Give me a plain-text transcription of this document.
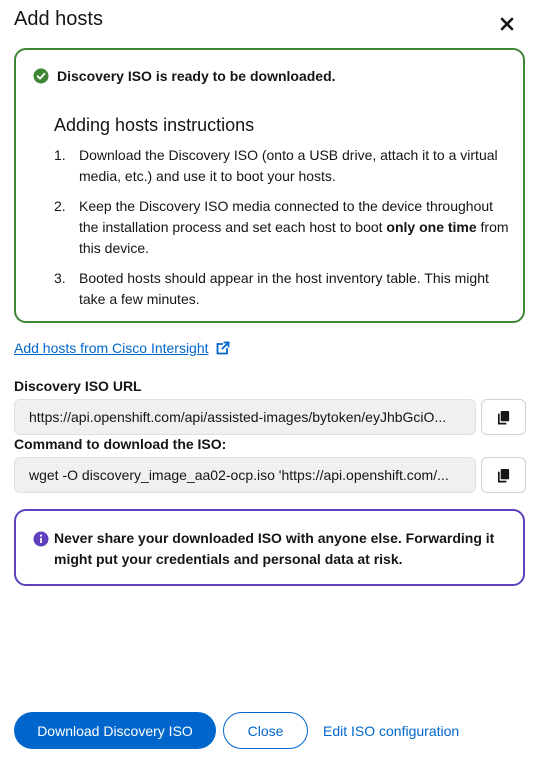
Add hosts
Discovery ISO is ready to be downloaded.
Adding hosts instructions
1. Download the Discovery ISO (onto a USB drive, attach it to a virtual media, etc.) and use it to boot your hosts.
2. Keep the Discovery ISO media connected to the device throughout the installation process and set each host to boot only one time from this device.
3. Booted hosts should appear in the host inventory table. This might take a few minutes.
Add hosts from Cisco Intersight
Discovery ISO URL
https://api.openshift.com/api/assisted-images/bytoken/eyJhbGciO...
Command to download the ISO:
wget -O discovery_image_aa02-ocp.iso 'https://api.openshift.com/...
Never share your downloaded ISO with anyone else. Forwarding it might put your credentials and personal data at risk.
Download Discovery ISO	Close	Edit ISO configuration
